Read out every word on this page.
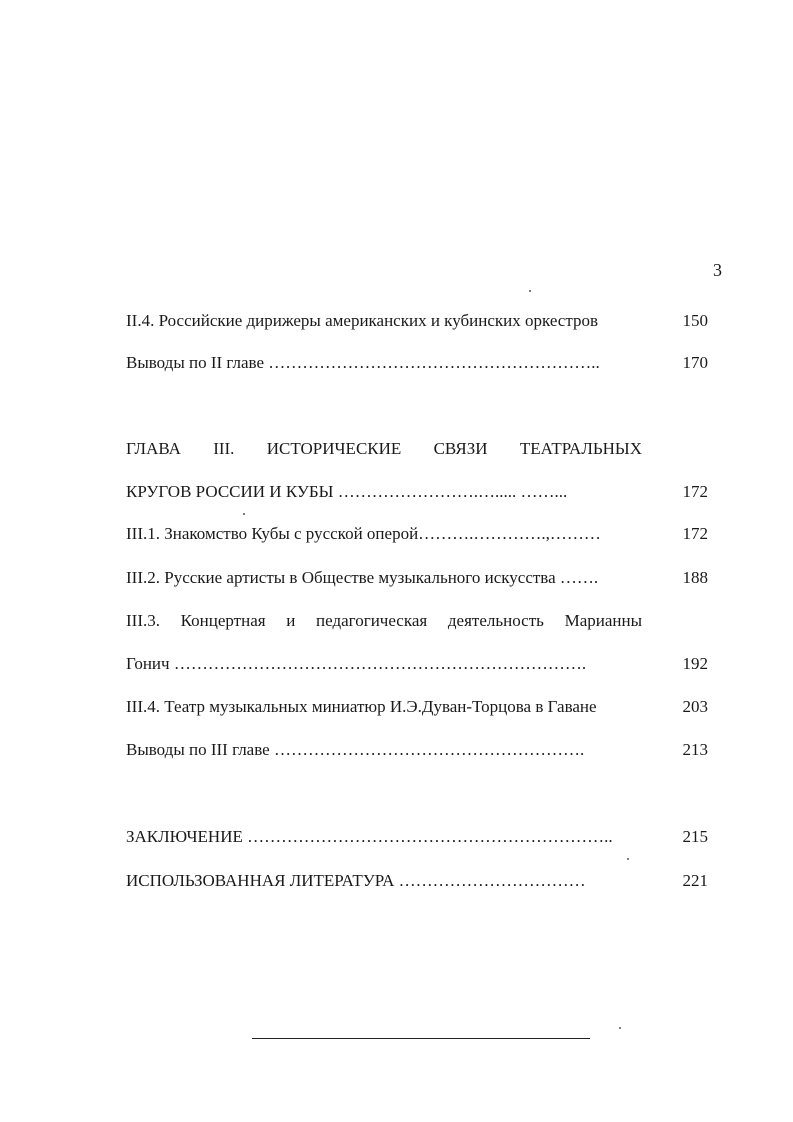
3
II.4. Российские дирижеры американских и кубинских оркестров	150
Выводы по II главе …………………………………………………..	170
ГЛАВА III. ИСТОРИЧЕСКИЕ СВЯЗИ ТЕАТРАЛЬНЫХ
КРУГОВ РОССИИ И КУБЫ …………………….…..... ……...	172
III.1. Знакомство Кубы с русской оперой……….………….,………	172
III.2. Русские артисты в Обществе музыкального искусства …….	188
III.3. Концертная и педагогическая деятельность Марианны
Гонич ……………………………………………………………….	192
III.4. Театр музыкальных миниатюр И.Э.Дуван-Торцова в Гаване	203
Выводы по III главе ……………………………………………….	213
ЗАКЛЮЧЕНИЕ ………………………………………………………..	215
ИСПОЛЬЗОВАННАЯ ЛИТЕРАТУРА ……………………………	221
